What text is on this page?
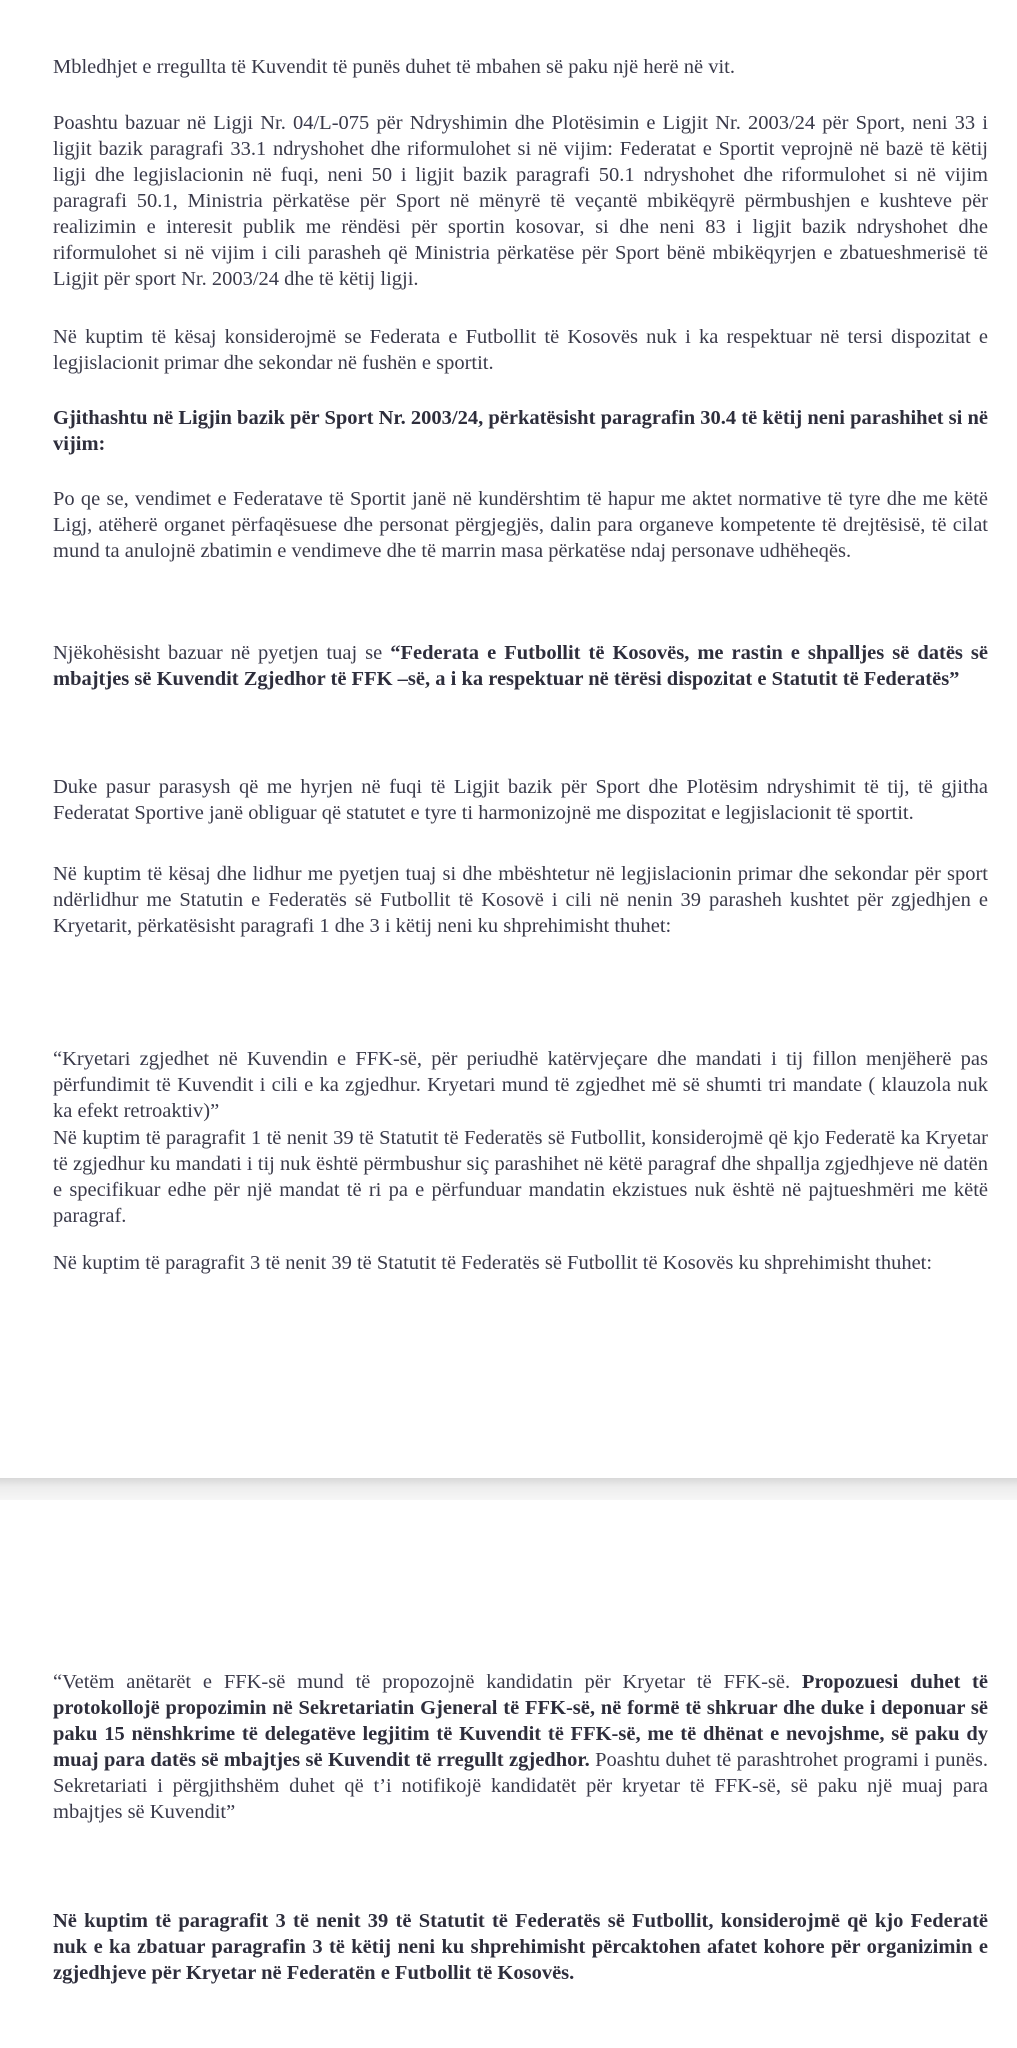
Mbledhjet e rregullta të Kuvendit të punës duhet të mbahen së paku një herë në vit.

Poashtu bazuar në Ligji Nr. 04/L-075 për Ndryshimin dhe Plotësimin e Ligjit Nr. 2003/24 për Sport, neni 33 i ligjit bazik paragrafi 33.1 ndryshohet dhe riformulohet si në vijim: Federatat e Sportit veprojnë në bazë të këtij ligji dhe legjislacionin në fuqi, neni 50 i ligjit bazik paragrafi 50.1 ndryshohet dhe riformulohet si në vijim paragrafi 50.1, Ministria përkatëse për Sport në mënyrë të veçantë mbikëqyrë përmbushjen e kushteve për realizimin e interesit publik me rëndësi për sportin kosovar, si dhe neni 83 i ligjit bazik ndryshohet dhe riformulohet si në vijim i cili parasheh që Ministria përkatëse për Sport bënë mbikëqyrjen e zbatueshmerisë të Ligjit për sport Nr. 2003/24 dhe të këtij ligji.

Në kuptim të kësaj konsiderojmë se Federata e Futbollit të Kosovës nuk i ka respektuar në tersi dispozitat e legjislacionit primar dhe sekondar në fushën e sportit.

Gjithashtu në Ligjin bazik për Sport Nr. 2003/24, përkatësisht paragrafin 30.4 të këtij neni parashihet si në vijim:

Po qe se, vendimet e Federatave të Sportit janë në kundërshtim të hapur me aktet normative të tyre dhe me këtë Ligj, atëherë organet përfaqësuese dhe personat përgjegjës, dalin para organeve kompetente të drejtësisë, të cilat mund ta anulojnë zbatimin e vendimeve dhe të marrin masa përkatëse ndaj personave udhëheqës.

Njëkohësisht bazuar në pyetjen tuaj se “Federata e Futbollit të Kosovës, me rastin e shpalljes së datës së mbajtjes së Kuvendit Zgjedhor të FFK –së, a i ka respektuar në tërësi dispozitat e Statutit të Federatës”

Duke pasur parasysh që me hyrjen në fuqi të Ligjit bazik për Sport dhe Plotësim ndryshimit të tij, të gjitha Federatat Sportive janë obliguar që statutet e tyre ti harmonizojnë me dispozitat e legjislacionit të sportit.

Në kuptim të kësaj dhe lidhur me pyetjen tuaj si dhe mbështetur në legjislacionin primar dhe sekondar për sport ndërlidhur me Statutin e Federatës së Futbollit të Kosovë i cili në nenin 39 parasheh kushtet për zgjedhjen e Kryetarit, përkatësisht paragrafi 1 dhe 3 i këtij neni ku shprehimisht thuhet:

“Kryetari zgjedhet në Kuvendin e FFK-së, për periudhë katërvjeçare dhe mandati i tij fillon menjëherë pas përfundimit të Kuvendit i cili e ka zgjedhur. Kryetari mund të zgjedhet më së shumti tri mandate ( klauzola nuk ka efekt retroaktiv)”

Në kuptim të paragrafit 1 të nenit 39 të Statutit të Federatës së Futbollit, konsiderojmë që kjo Federatë ka Kryetar të zgjedhur ku mandati i tij nuk është përmbushur siç parashihet në këtë paragraf dhe shpallja zgjedhjeve në datën e specifikuar edhe për një mandat të ri pa e përfunduar mandatin ekzistues nuk është në pajtueshmëri me këtë paragraf.

Në kuptim të paragrafit 3 të nenit 39 të Statutit të Federatës së Futbollit të Kosovës ku shprehimisht thuhet:

“Vetëm anëtarët e FFK-së mund të propozojnë kandidatin për Kryetar të FFK-së. Propozuesi duhet të protokollojë propozimin në Sekretariatin Gjeneral të FFK-së, në formë të shkruar dhe duke i deponuar së paku 15 nënshkrime të delegatëve legjitim të Kuvendit të FFK-së, me të dhënat e nevojshme, së paku dy muaj para datës së mbajtjes së Kuvendit të rregullt zgjedhor. Poashtu duhet të parashtrohet programi i punës. Sekretariati i përgjithshëm duhet që t’i notifikojë kandidatët për kryetar të FFK-së, së paku një muaj para mbajtjes së Kuvendit”

Në kuptim të paragrafit 3 të nenit 39 të Statutit të Federatës së Futbollit, konsiderojmë që kjo Federatë nuk e ka zbatuar paragrafin 3 të këtij neni ku shprehimisht përcaktohen afatet kohore për organizimin e zgjedhjeve për Kryetar në Federatën e Futbollit të Kosovës.
